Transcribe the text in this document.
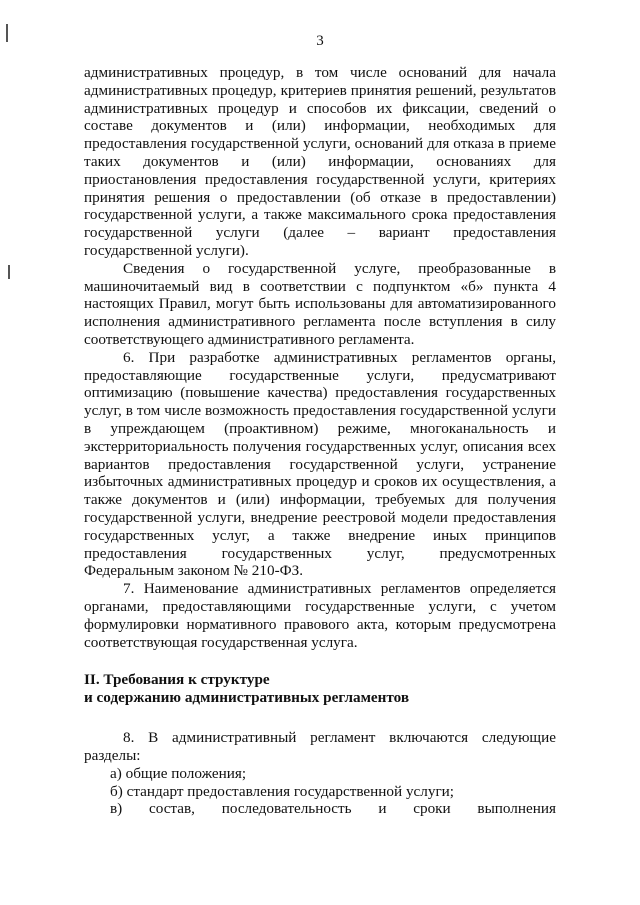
3

административных процедур, в том числе оснований для начала административных процедур, критериев принятия решений, результатов административных процедур и способов их фиксации, сведений о составе документов и (или) информации, необходимых для предоставления государственной услуги, оснований для отказа в приеме таких документов и (или) информации, основаниях для приостановления предоставления государственной услуги, критериях принятия решения о предоставлении (об отказе в предоставлении) государственной услуги, а также максимального срока предоставления государственной услуги (далее – вариант предоставления государственной услуги).

Сведения о государственной услуге, преобразованные в машиночитаемый вид в соответствии с подпунктом «б» пункта 4 настоящих Правил, могут быть использованы для автоматизированного исполнения административного регламента после вступления в силу соответствующего административного регламента.

6. При разработке административных регламентов органы, предоставляющие государственные услуги, предусматривают оптимизацию (повышение качества) предоставления государственных услуг, в том числе возможность предоставления государственной услуги в упреждающем (проактивном) режиме, многоканальность и экстерриториальность получения государственных услуг, описания всех вариантов предоставления государственной услуги, устранение избыточных административных процедур и сроков их осуществления, а также документов и (или) информации, требуемых для получения государственной услуги, внедрение реестровой модели предоставления государственных услуг, а также внедрение иных принципов предоставления государственных услуг, предусмотренных Федеральным законом № 210-ФЗ.

7. Наименование административных регламентов определяется органами, предоставляющими государственные услуги, с учетом формулировки нормативного правового акта, которым предусмотрена соответствующая государственная услуга.

II. Требования к структуре

и содержанию административных регламентов

8. В административный регламент включаются следующие разделы:

а) общие положения;

б) стандарт предоставления государственной услуги;

в) состав, последовательность и сроки выполнения
